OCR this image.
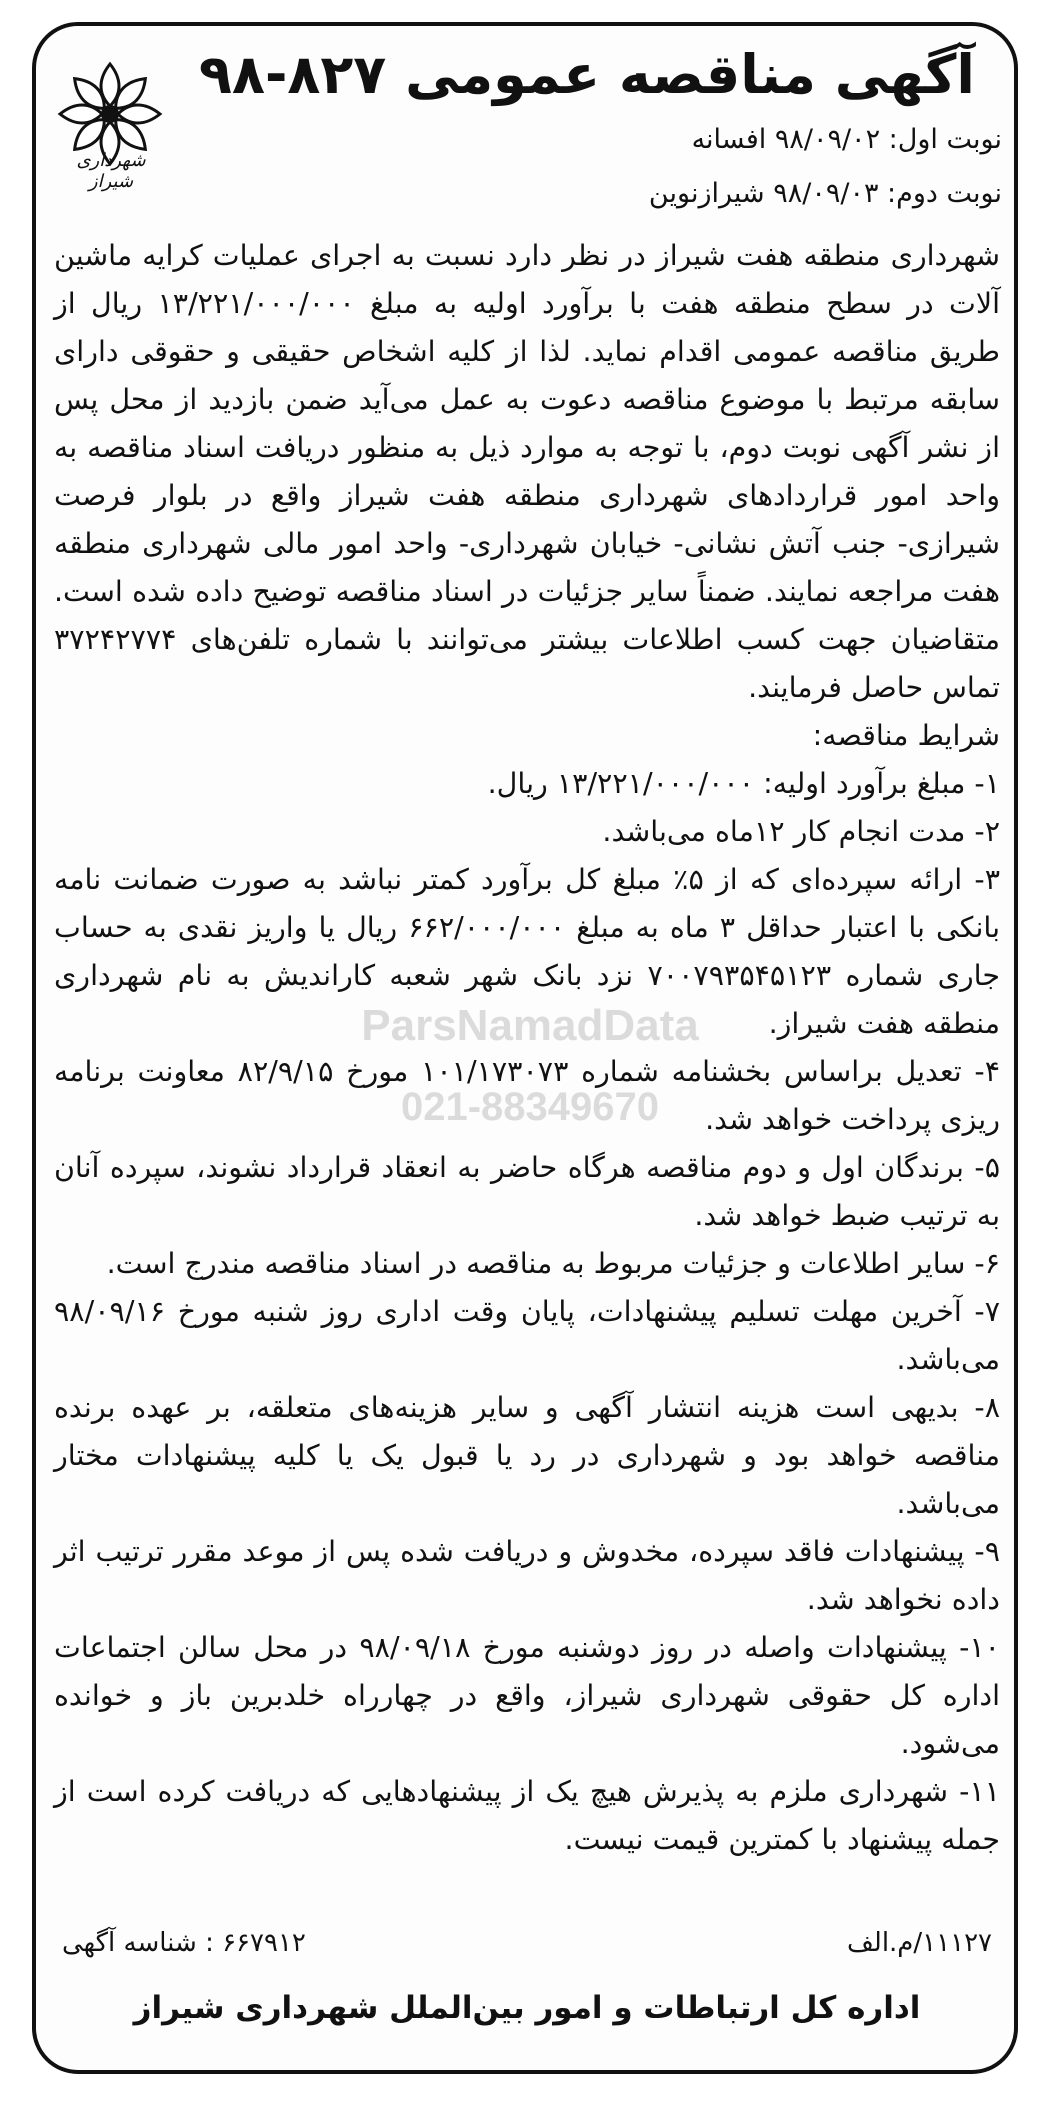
شهرداری شیراز
آگهی مناقصه عمومی ۸۲۷-۹۸
نوبت اول: ۹۸/۰۹/۰۲ افسانه
نوبت دوم: ۹۸/۰۹/۰۳ شیرازنوین

شهرداری منطقه هفت شیراز در نظر دارد نسبت به اجرای عملیات کرایه ماشین آلات در سطح منطقه هفت با برآورد اولیه به مبلغ ۱۳/۲۲۱/۰۰۰/۰۰۰ ریال از طریق مناقصه عمومی اقدام نماید. لذا از کلیه اشخاص حقیقی و حقوقی دارای سابقه مرتبط با موضوع مناقصه دعوت به عمل می‌آید ضمن بازدید از محل پس از نشر آگهی نوبت دوم، با توجه به موارد ذیل به منظور دریافت اسناد مناقصه به واحد امور قراردادهای شهرداری منطقه هفت شیراز واقع در بلوار فرصت شیرازی- جنب آتش نشانی- خیابان شهرداری- واحد امور مالی شهرداری منطقه هفت مراجعه نمایند. ضمناً سایر جزئیات در اسناد مناقصه توضیح داده شده است. متقاضیان جهت کسب اطلاعات بیشتر می‌توانند با شماره تلفن‌های ۳۷۲۴۲۷۷۴ تماس حاصل فرمایند.

شرایط مناقصه:

۱- مبلغ برآورد اولیه: ۱۳/۲۲۱/۰۰۰/۰۰۰ ریال.

۲- مدت انجام کار ۱۲ماه می‌باشد.

۳- ارائه سپرده‌ای که از ۵٪ مبلغ کل برآورد کمتر نباشد به صورت ضمانت نامه بانکی با اعتبار حداقل ۳ ماه به مبلغ ۶۶۲/۰۰۰/۰۰۰ ریال یا واریز نقدی به حساب جاری شماره ۷۰۰۷۹۳۵۴۵۱۲۳ نزد بانک شهر شعبه کارانديش به نام شهرداری منطقه هفت شیراز.

۴- تعدیل براساس بخشنامه شماره ۱۰۱/۱۷۳۰۷۳ مورخ ۸۲/۹/۱۵ معاونت برنامه ریزی پرداخت خواهد شد.

۵- برندگان اول و دوم مناقصه هرگاه حاضر به انعقاد قرارداد نشوند، سپرده آنان به ترتیب ضبط خواهد شد.

۶- سایر اطلاعات و جزئیات مربوط به مناقصه در اسناد مناقصه مندرج است.

۷- آخرین مهلت تسلیم پیشنهادات، پایان وقت اداری روز شنبه مورخ ۹۸/۰۹/۱۶ می‌باشد.

۸- بدیهی است هزینه انتشار آگهی و سایر هزینه‌های متعلقه، بر عهده برنده مناقصه خواهد بود و شهرداری در رد یا قبول یک یا کلیه پیشنهادات مختار می‌باشد.

۹- پیشنهادات فاقد سپرده، مخدوش و دریافت شده پس از موعد مقرر ترتیب اثر داده نخواهد شد.

۱۰- پیشنهادات واصله در روز دوشنبه مورخ ۹۸/۰۹/۱۸ در محل سالن اجتماعات اداره کل حقوقی شهرداری شیراز، واقع در چهارراه خلدبرین باز و خوانده می‌شود.

۱۱- شهرداری ملزم به پذیرش هیچ یک از پیشنهادهایی که دریافت کرده است از جمله پیشنهاد با کمترین قیمت نیست.

۱۱۱۲۷/م.الف
۶۶۷۹۱۲ : شناسه آگهی
اداره کل ارتباطات و امور بین‌الملل شهرداری شیراز
